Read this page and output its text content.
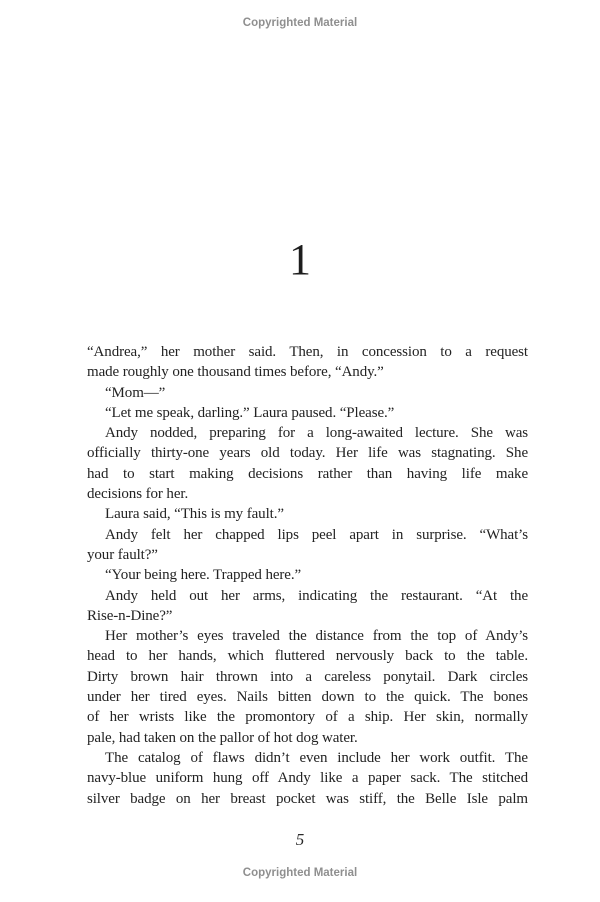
Copyrighted Material
1
“Andrea,” her mother said. Then, in concession to a request
made roughly one thousand times before, “Andy.”
“Mom—”
“Let me speak, darling.” Laura paused. “Please.”
Andy nodded, preparing for a long-awaited lecture. She was
officially thirty-one years old today. Her life was stagnating. She
had to start making decisions rather than having life make
decisions for her.
Laura said, “This is my fault.”
Andy felt her chapped lips peel apart in surprise. “What’s
your fault?”
“Your being here. Trapped here.”
Andy held out her arms, indicating the restaurant. “At the
Rise-n-Dine?”
Her mother’s eyes traveled the distance from the top of Andy’s
head to her hands, which fluttered nervously back to the table.
Dirty brown hair thrown into a careless ponytail. Dark circles
under her tired eyes. Nails bitten down to the quick. The bones
of her wrists like the promontory of a ship. Her skin, normally
pale, had taken on the pallor of hot dog water.
The catalog of flaws didn’t even include her work outfit. The
navy-blue uniform hung off Andy like a paper sack. The stitched
silver badge on her breast pocket was stiff, the Belle Isle palm
5
Copyrighted Material
